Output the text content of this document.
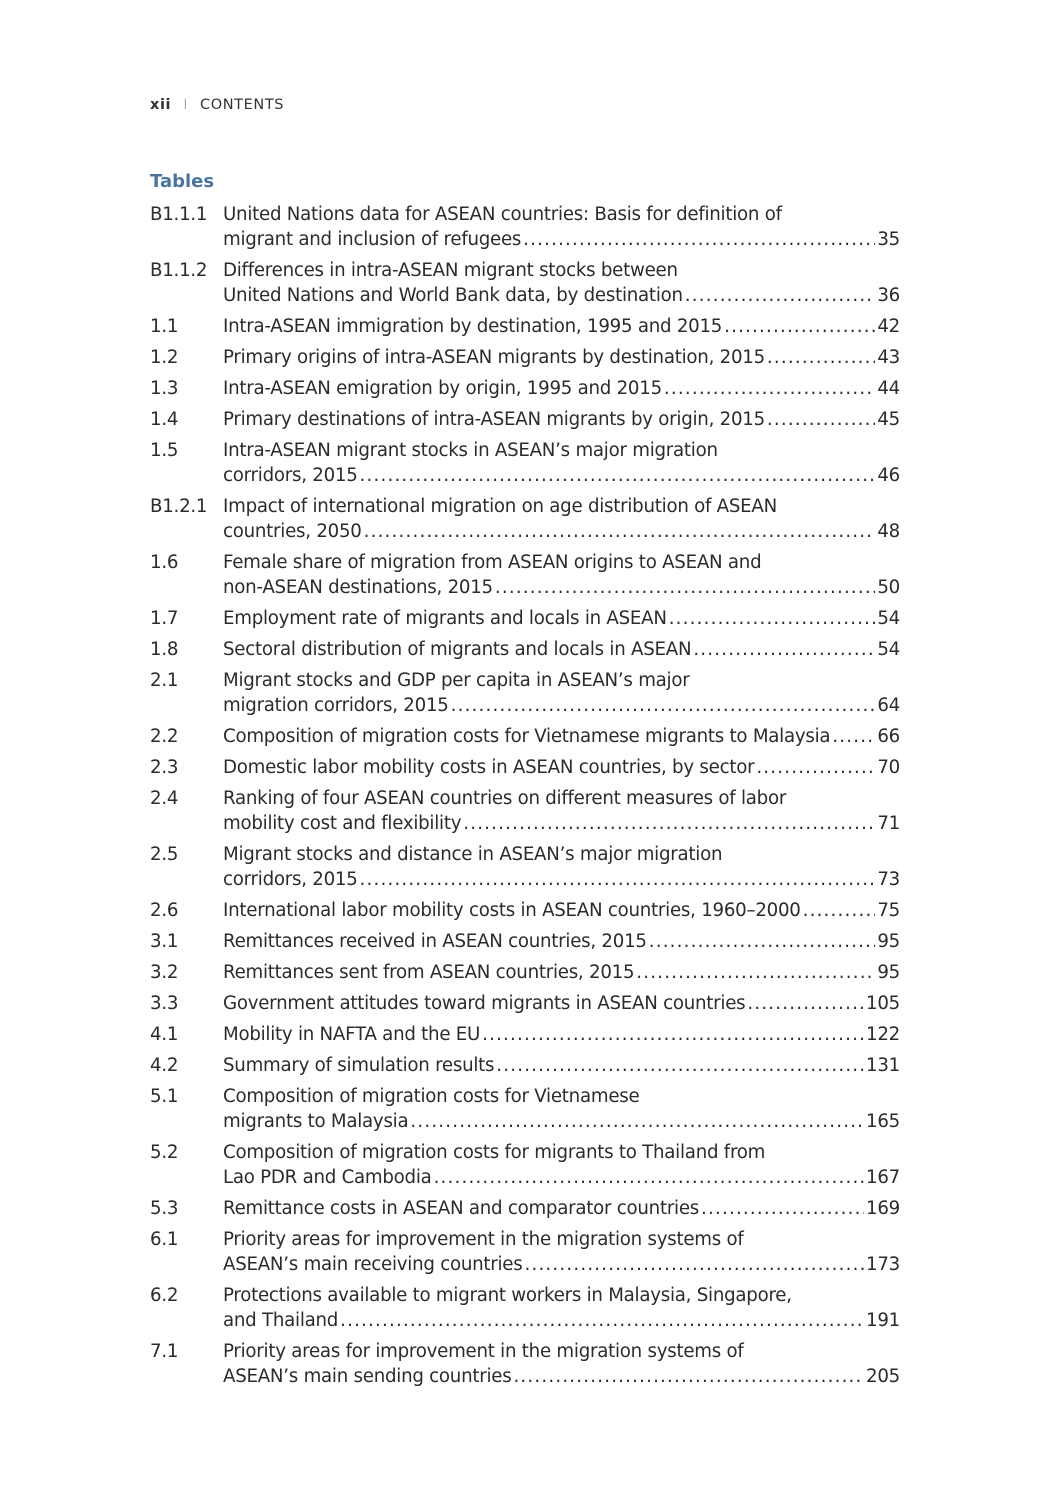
xii I CONTENTS
Tables
B1.1.1 United Nations data for ASEAN countries: Basis for definition of
migrant and inclusion of refugees .....	35
B1.1.2 Differences in intra-ASEAN migrant stocks between
United Nations and World Bank data, by destination .....	36
1.1	Intra-ASEAN immigration by destination, 1995 and 2015 .....	42
1.2	Primary origins of intra-ASEAN migrants by destination, 2015 .....	43
1.3	Intra-ASEAN emigration by origin, 1995 and 2015 .....	44
1.4	Primary destinations of intra-ASEAN migrants by origin, 2015 .....	45
1.5	Intra-ASEAN migrant stocks in ASEAN’s major migration
corridors, 2015 .....	46
B1.2.1 Impact of international migration on age distribution of ASEAN
countries, 2050 .....	48
1.6	Female share of migration from ASEAN origins to ASEAN and
non-ASEAN destinations, 2015 .....	50
1.7	Employment rate of migrants and locals in ASEAN .....	54
1.8	Sectoral distribution of migrants and locals in ASEAN .....	54
2.1	Migrant stocks and GDP per capita in ASEAN’s major
migration corridors, 2015 .....	64
2.2	Composition of migration costs for Vietnamese migrants to Malaysia .....	66
2.3	Domestic labor mobility costs in ASEAN countries, by sector .....	70
2.4	Ranking of four ASEAN countries on different measures of labor
mobility cost and flexibility .....	71
2.5	Migrant stocks and distance in ASEAN’s major migration
corridors, 2015 .....	73
2.6	International labor mobility costs in ASEAN countries, 1960–2000 .....	75
3.1	Remittances received in ASEAN countries, 2015 .....	95
3.2	Remittances sent from ASEAN countries, 2015 .....	95
3.3	Government attitudes toward migrants in ASEAN countries .....	105
4.1	Mobility in NAFTA and the EU .....	122
4.2	Summary of simulation results .....	131
5.1	Composition of migration costs for Vietnamese
migrants to Malaysia .....	165
5.2	Composition of migration costs for migrants to Thailand from
Lao PDR and Cambodia .....	167
5.3	Remittance costs in ASEAN and comparator countries .....	169
6.1	Priority areas for improvement in the migration systems of
ASEAN’s main receiving countries .....	173
6.2	Protections available to migrant workers in Malaysia, Singapore,
and Thailand .....	191
7.1	Priority areas for improvement in the migration systems of
ASEAN’s main sending countries .....	205
